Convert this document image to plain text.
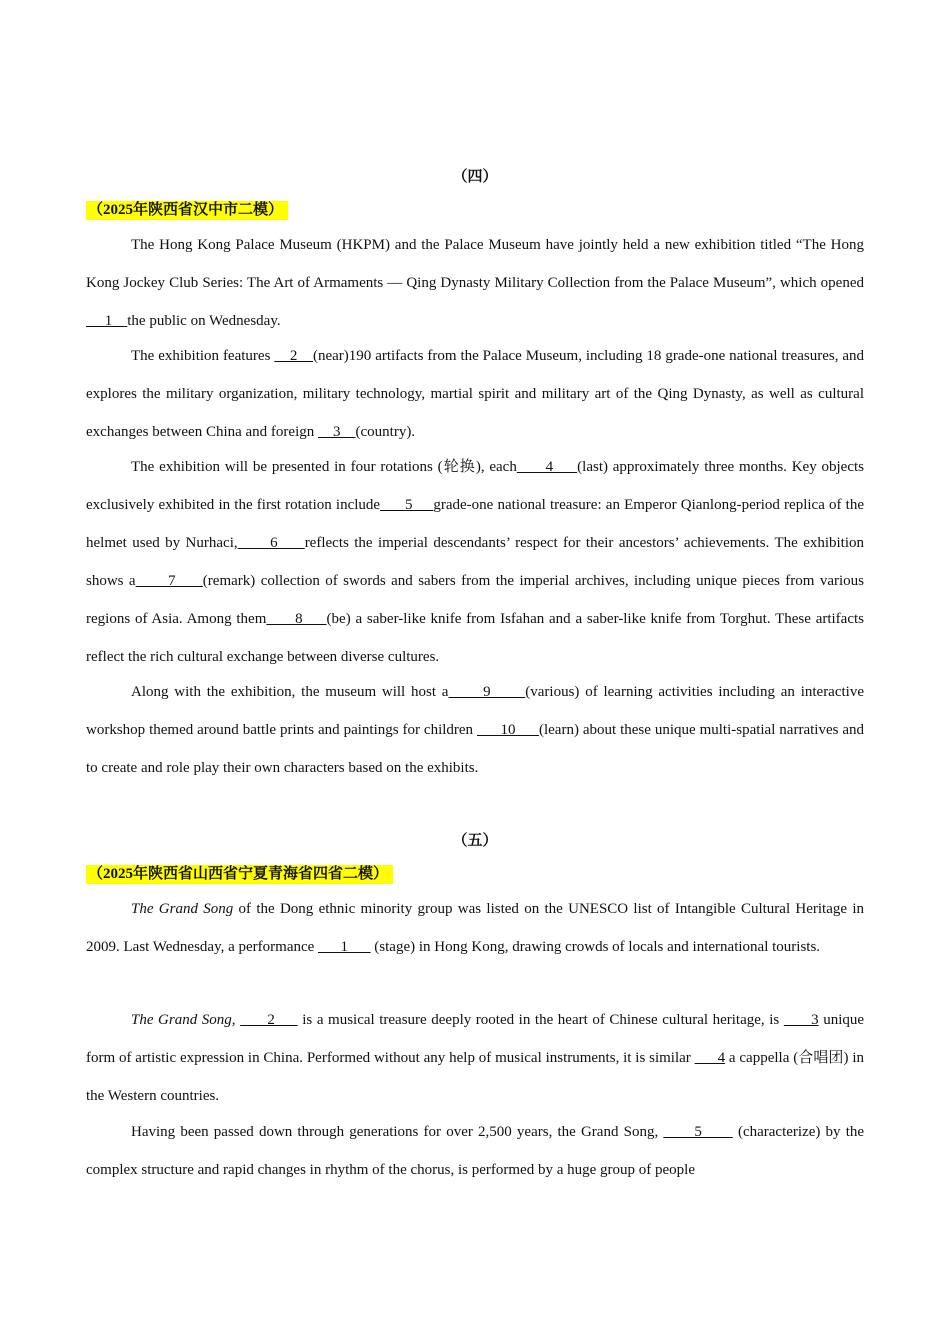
（四）
（2025年陕西省汉中市二模）

The Hong Kong Palace Museum (HKPM) and the Palace Museum have jointly held a new exhibition titled “The Hong Kong Jockey Club Series: The Art of Armaments — Qing Dynasty Military Collection from the Palace Museum”, which opened     1    the public on Wednesday.

The exhibition features     2    (near)190 artifacts from the Palace Museum, including 18 grade-one national treasures, and explores the military organization, military technology, martial spirit and military art of the Qing Dynasty, as well as cultural exchanges between China and foreign     3    (country).

The exhibition will be presented in four rotations (轮换), each      4     (last) approximately three months. Key objects exclusively exhibited in the first rotation include      5     grade-one national treasure: an Emperor Qianlong-period replica of the helmet used by Nurhaci,      6     reflects the imperial descendants’ respect for their ancestors’ achievements. The exhibition shows a      7     (remark) collection of swords and sabers from the imperial archives, including unique pieces from various regions of Asia. Among them      8     (be) a saber-like knife from Isfahan and a saber-like knife from Torghut. These artifacts reflect the rich cultural exchange between diverse cultures.

Along with the exhibition, the museum will host a      9      (various) of learning activities including an interactive workshop themed around battle prints and paintings for children       10      (learn) about these unique multi-spatial narratives and to create and role play their own characters based on the exhibits.

（五）
（2025年陕西省山西省宁夏青海省四省二模）

The Grand Song of the Dong ethnic minority group was listed on the UNESCO list of Intangible Cultural Heritage in 2009. Last Wednesday, a performance       1       (stage) in Hong Kong, drawing crowds of locals and international tourists.

The Grand Song,       2      is a musical treasure deeply rooted in the heart of Chinese cultural heritage, is       3 unique form of artistic expression in China. Performed without any help of musical instruments, it is similar       4 a cappella (合唱团) in the Western countries.

Having been passed down through generations for over 2,500 years, the Grand Song,       5       (characterize) by the complex structure and rapid changes in rhythm of the chorus, is performed by a huge group of people
